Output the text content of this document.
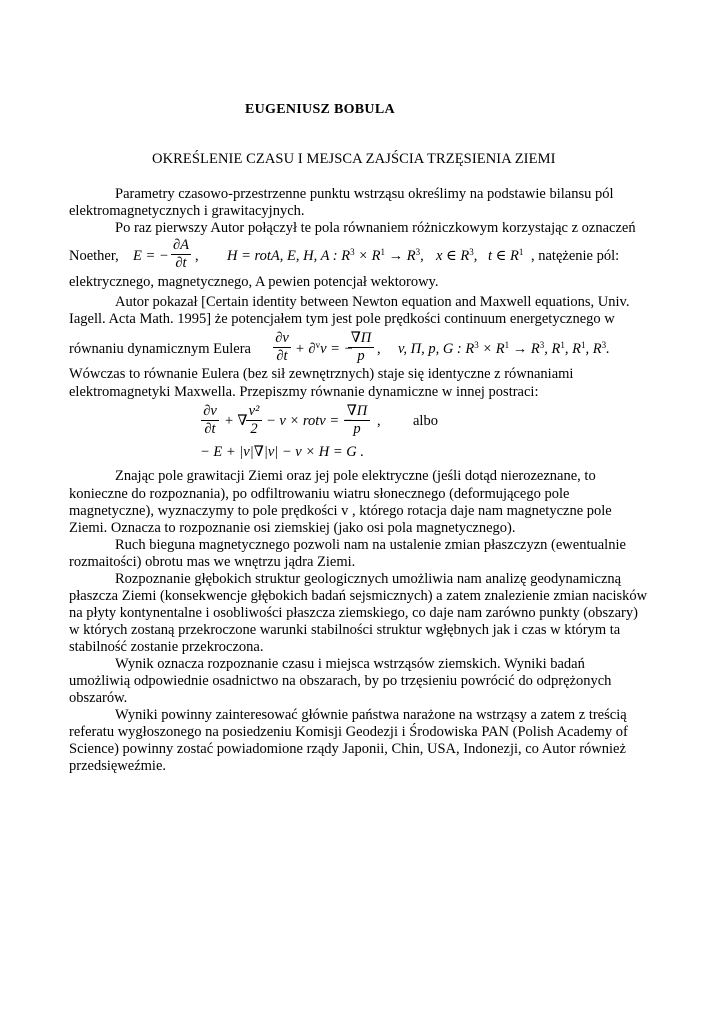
EUGENIUSZ BOBULA
OKREŚLENIE CZASU I MEJSCA ZAJŚCIA TRZĘSIENIA ZIEMI
Parametry czasowo-przestrzenne punktu wstrząsu określimy na podstawie bilansu pól
elektromagnetycznych i grawitacyjnych.
Po raz pierwszy Autor połączył te pola równaniem różniczkowym korzystając z oznaczeń
Noether, E = −
∂A
∂t , H = rotA, E, H, A : $R^3 \times R^1 \to R^3$, x ∈ $R^3$, t ∈ $R^1$ , natężenie pól:
elektrycznego, magnetycznego, A pewien potencjał wektorowy.
Autor pokazał [Certain identity between Newton equation and Maxwell equations, Univ.
Iagell. Acta Math. 1995] że potencjałem tym jest pole prędkości continuum energetycznego w
równaniu dynamicznym Eulera
∂v
∂t + ∂$^v$v = −
∇Π
p , v, Π, p, G : $R^3 \times R^1 \to R^3$, $R^1$, $R^1$, $R^3$.
Wówczas to równanie Eulera (bez sił zewnętrznych) staje się identyczne z równaniami
elektromagnetyki Maxwella. Przepiszmy równanie dynamiczne w innej postraci:
∂v
∂t + ∇
v²
2 − v × rotv = −
∇Π
p	, albo
− E + |v|∇|v| − v × H = G .
Znając pole grawitacji Ziemi oraz jej pole elektryczne (jeśli dotąd nierozeznane, to
konieczne do rozpoznania), po odfiltrowaniu wiatru słonecznego (deformującego pole
magnetyczne), wyznaczymy to pole prędkości v , którego rotacja daje nam magnetyczne pole
Ziemi. Oznacza to rozpoznanie osi ziemskiej (jako osi pola magnetycznego).
Ruch bieguna magnetycznego pozwoli nam na ustalenie zmian płaszczyzn (ewentualnie
rozmaitości) obrotu mas we wnętrzu jądra Ziemi.
Rozpoznanie głębokich struktur geologicznych umożliwia nam analizę geodynamiczną
płaszcza Ziemi (konsekwencje głębokich badań sejsmicznych) a zatem znalezienie zmian nacisków
na płyty kontynentalne i osobliwości płaszcza ziemskiego, co daje nam zarówno punkty (obszary)
w których zostaną przekroczone warunki stabilności struktur wgłębnych jak i czas w którym ta
stabilność zostanie przekroczona.
Wynik oznacza rozpoznanie czasu i miejsca wstrząsów ziemskich. Wyniki badań
umożliwią odpowiednie osadnictwo na obszarach, by po trzęsieniu powrócić do odprężonych
obszarów.
Wyniki powinny zainteresować głównie państwa narażone na wstrząsy a zatem z treścią
referatu wygłoszonego na posiedzeniu Komisji Geodezji i Środowiska PAN (Polish Academy of
Science) powinny zostać powiadomione rządy Japonii, Chin, USA, Indonezji, co Autor również
przedsięweźmie.
